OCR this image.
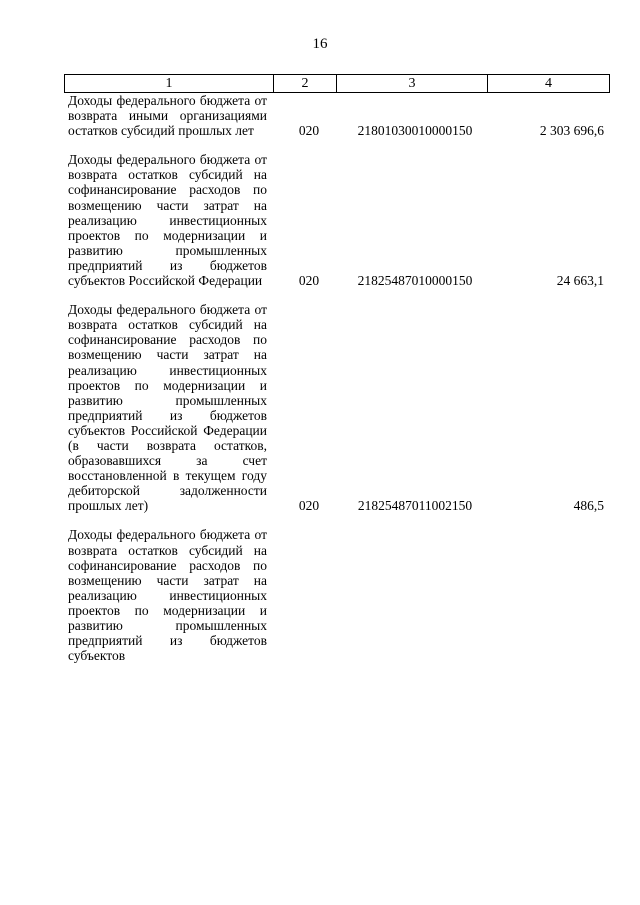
16
1	2	3	4
Доходы федерального бюджета от возврата иными организациями остатков субсидий прошлых лет	020	21801030010000150	2 303 696,6
Доходы федерального бюджета от возврата остатков субсидий на софинансирование расходов по возмещению части затрат на реализацию инвестиционных проектов по модернизации и развитию промышленных предприятий из бюджетов субъектов Российской Федерации	020	21825487010000150	24 663,1
Доходы федерального бюджета от возврата остатков субсидий на софинансирование расходов по возмещению части затрат на реализацию инвестиционных проектов по модернизации и развитию промышленных предприятий из бюджетов субъектов Российской Федерации (в части возврата остатков, образовавшихся за счет восстановленной в текущем году дебиторской задолженности прошлых лет)	020	21825487011002150	486,5
Доходы федерального бюджета от возврата остатков субсидий на софинансирование расходов по возмещению части затрат на реализацию инвестиционных проектов по модернизации и развитию промышленных предприятий из бюджетов субъектов
